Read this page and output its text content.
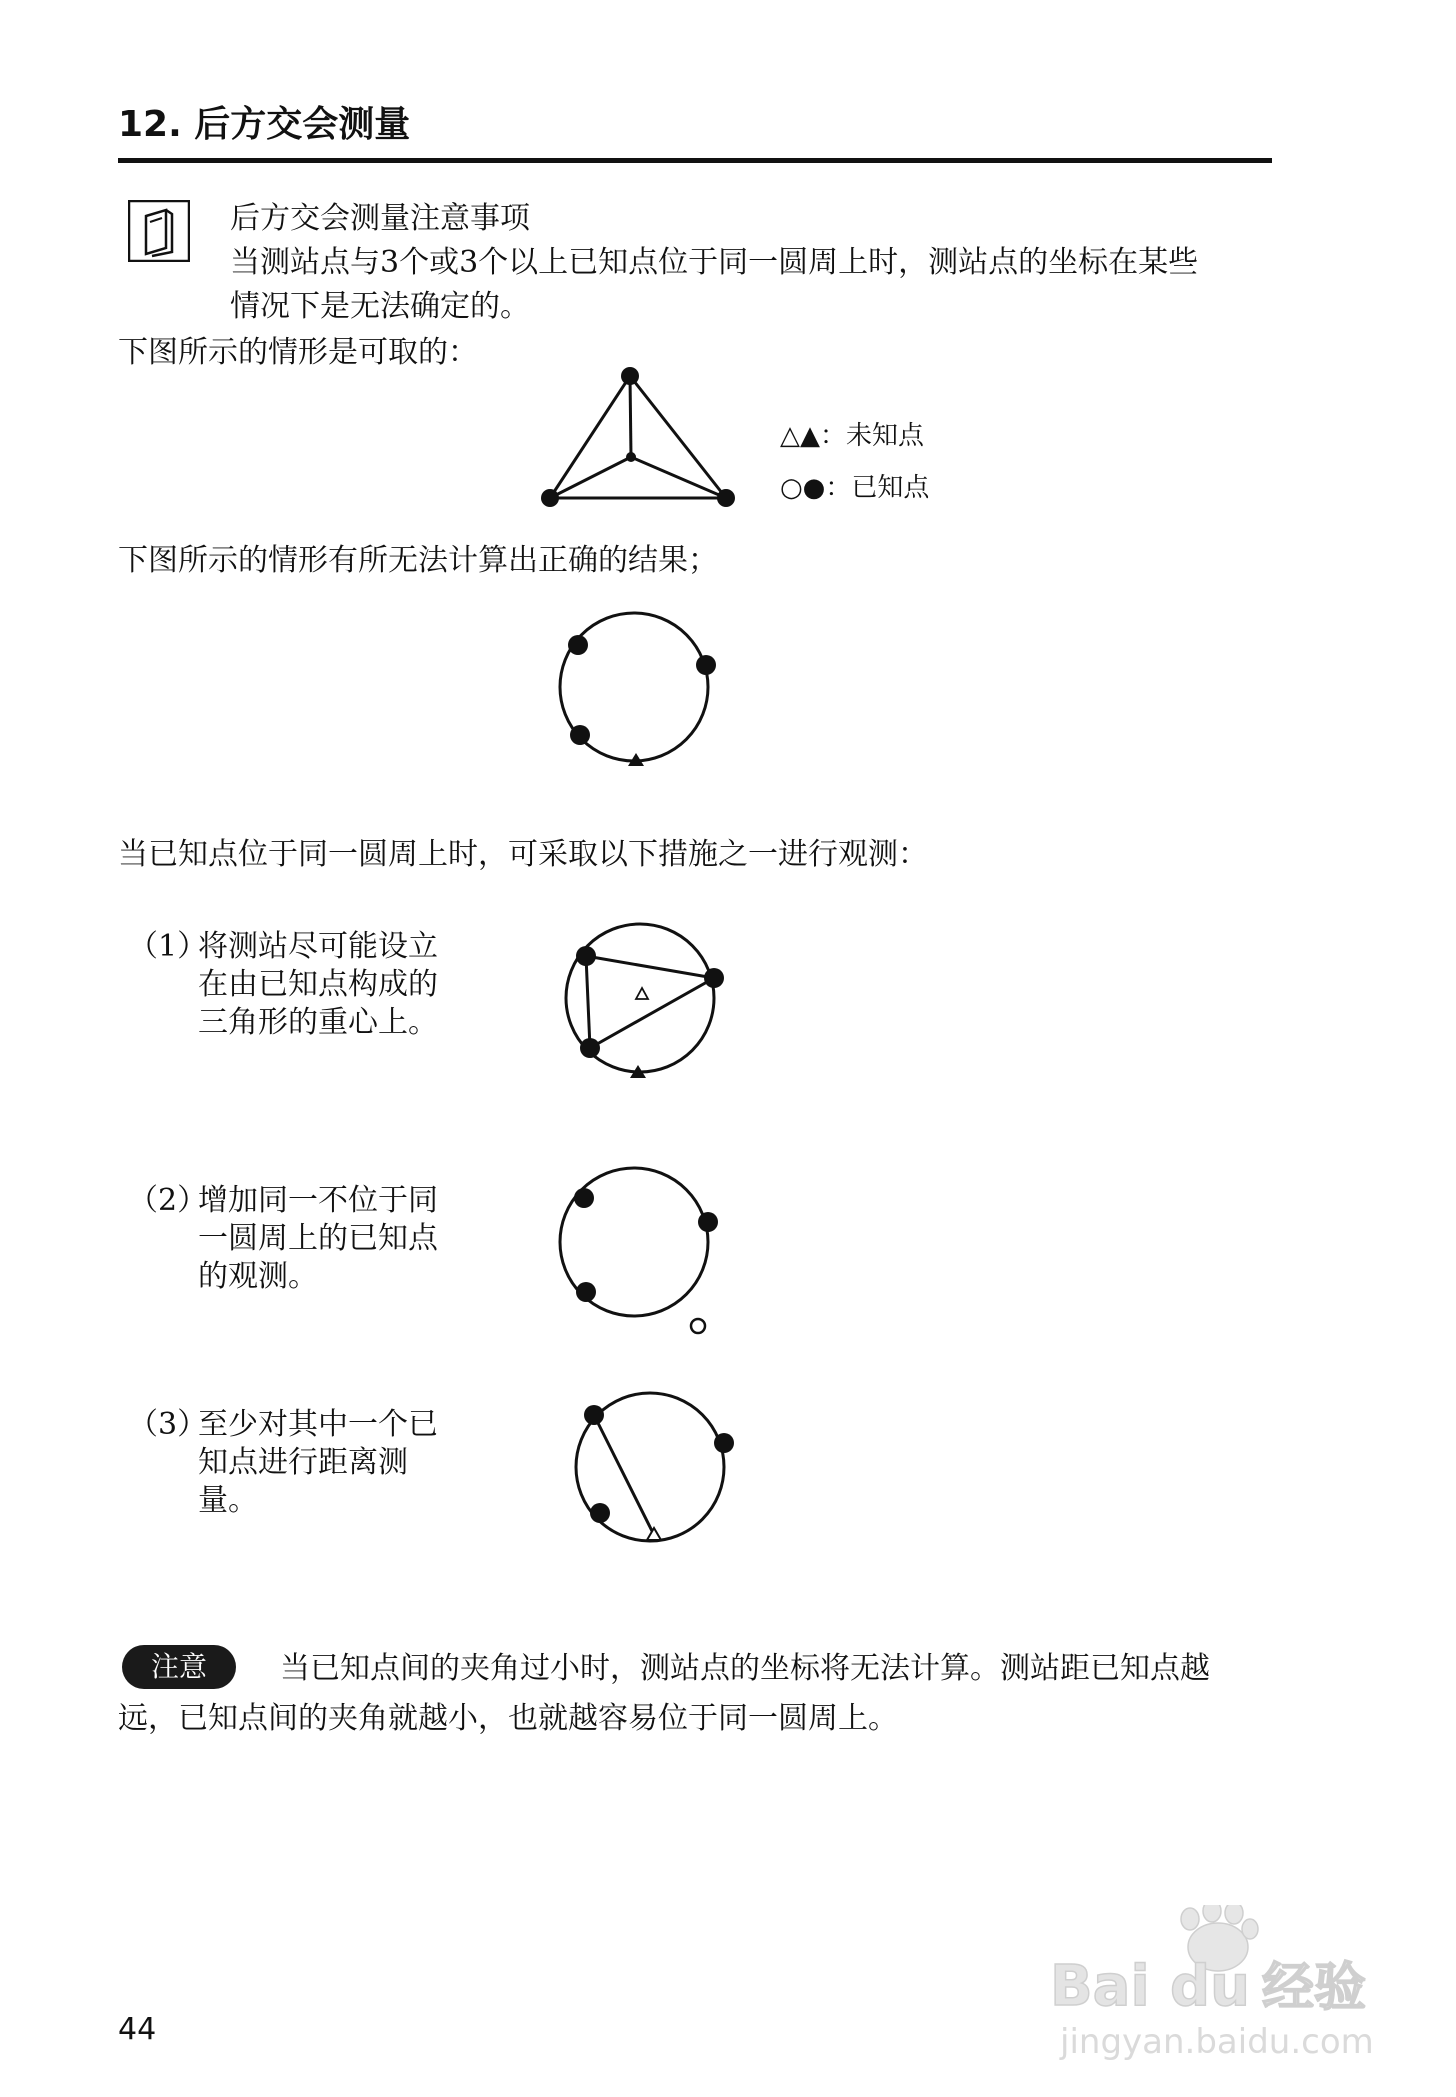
12. 后方交会测量
后方交会测量注意事项
当测站点与3个或3个以上已知点位于同一圆周上时，测站点的坐标在某些
情况下是无法确定的。
下图所示的情形是可取的：
△▲：未知点
○●：已知点
下图所示的情形有所无法计算出正确的结果；
当已知点位于同一圆周上时，可采取以下措施之一进行观测：
（1）
将测站尽可能设立在由已知点构成的三角形的重心上。
（2）
增加同一不位于同一圆周上的已知点的观测。
（3）
至少对其中一个已知点进行距离测量。
注意	当已知点间的夹角过小时，测站点的坐标将无法计算。测站距已知点越
远，已知点间的夹角就越小，也就越容易位于同一圆周上。
44
Bai du 经验
jingyan.baidu.com
